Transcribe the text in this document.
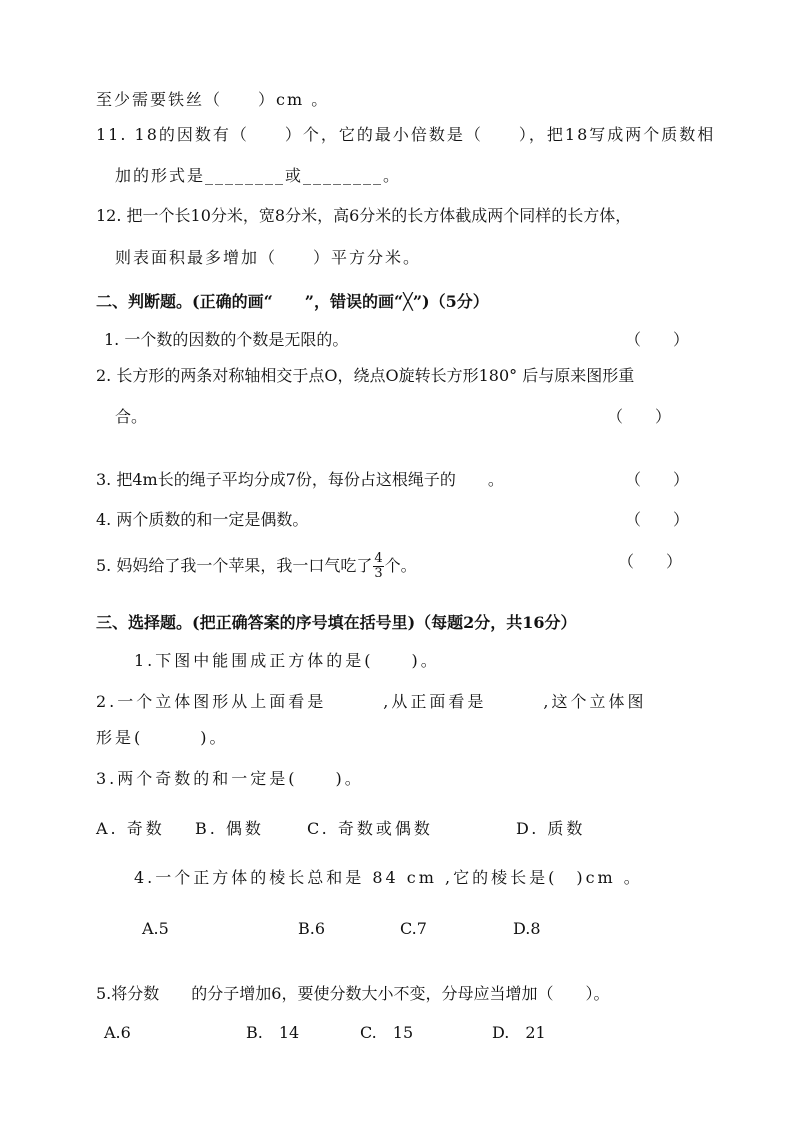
至少需要铁丝（　　）cm 。
11. 18的因数有（　　）个，它的最小倍数是（　　），把18写成两个质数相
加的形式是________或________。
12. 把一个长10分米，宽8分米，高6分米的长方体截成两个同样的长方体，
则表面积最多增加（　　）平方分米。
二、判断题。(正确的画“　　”，错误的画“╳”)（5分）
1. 一个数的因数的个数是无限的。	（　　）
2. 长方形的两条对称轴相交于点O，绕点O旋转长方形180° 后与原来图形重
合。	（　　）
3. 把4m长的绳子平均分成7份，每份占这根绳子的　　。	（　　）
4. 两个质数的和一定是偶数。	（　　）
5. 妈妈给了我一个苹果，我一口气吃了 $\frac{4}{3}$ 个。	（　　）
三、选择题。(把正确答案的序号填在括号里)（每题2分，共16分）
1.下图中能围成正方体的是(　　)。
2.一个立体图形从上面看是　　　,从正面看是　　　,这个立体图
形是(　　　)。
3.两个奇数的和一定是(　　)。
A. 奇数 B. 偶数	C. 奇数或偶数	D. 质数
4.一个正方体的棱长总和是 84 cm ,它的棱长是(　)cm 。
A.5	B.6	C.7	D.8
5.将分数　　的分子增加6，要使分数大小不变，分母应当增加（　　）。
A.6	B.　14	C.　15	D.　21
